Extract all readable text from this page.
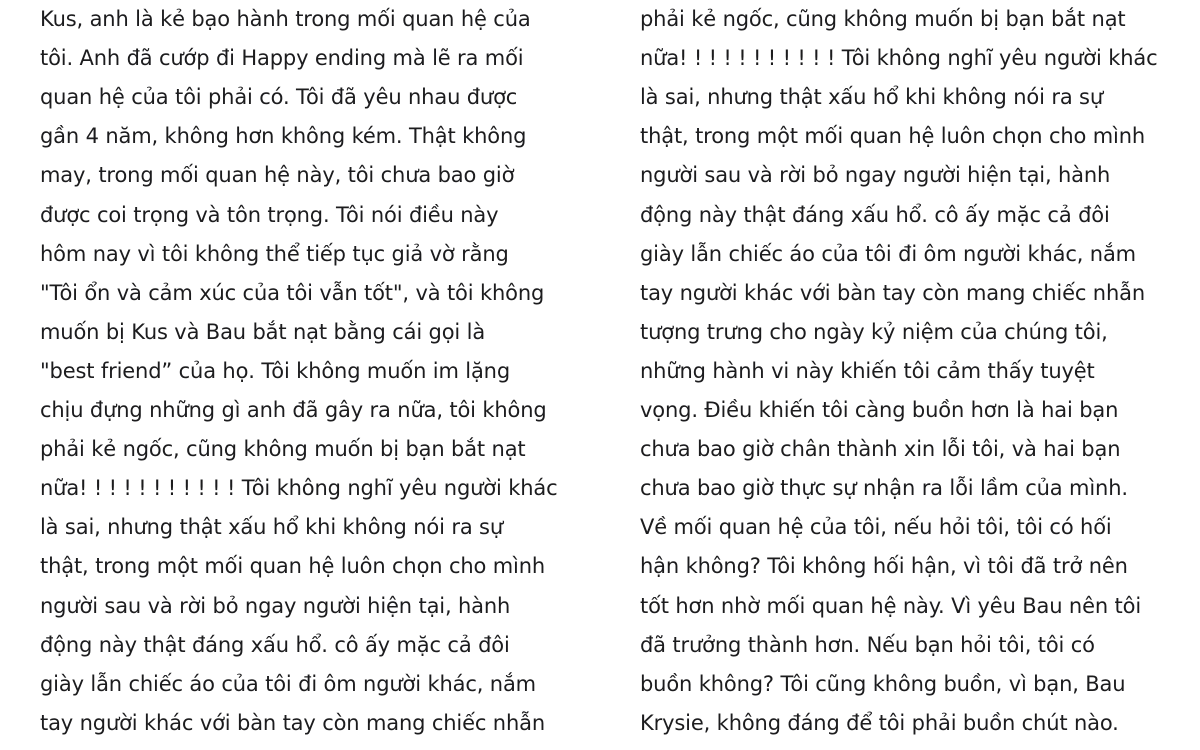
Kus, anh là kẻ bạo hành trong mối quan hệ của
tôi. Anh đã cướp đi Happy ending mà lẽ ra mối
quan hệ của tôi phải có. Tôi đã yêu nhau được
gần 4 năm, không hơn không kém. Thật không
may, trong mối quan hệ này, tôi chưa bao giờ
được coi trọng và tôn trọng. Tôi nói điều này
hôm nay vì tôi không thể tiếp tục giả vờ rằng
"Tôi ổn và cảm xúc của tôi vẫn tốt", và tôi không
muốn bị Kus và Bau bắt nạt bằng cái gọi là
"best friend” của họ. Tôi không muốn im lặng
chịu đựng những gì anh đã gây ra nữa, tôi không
phải kẻ ngốc, cũng không muốn bị bạn bắt nạt
nữa! ! ! ! ! ! ! ! ! ! ! Tôi không nghĩ yêu người khác
là sai, nhưng thật xấu hổ khi không nói ra sự
thật, trong một mối quan hệ luôn chọn cho mình
người sau và rời bỏ ngay người hiện tại, hành
động này thật đáng xấu hổ. cô ấy mặc cả đôi
giày lẫn chiếc áo của tôi đi ôm người khác, nắm
tay người khác với bàn tay còn mang chiếc nhẫn
phải kẻ ngốc, cũng không muốn bị bạn bắt nạt
nữa! ! ! ! ! ! ! ! ! ! ! Tôi không nghĩ yêu người khác
là sai, nhưng thật xấu hổ khi không nói ra sự
thật, trong một mối quan hệ luôn chọn cho mình
người sau và rời bỏ ngay người hiện tại, hành
động này thật đáng xấu hổ. cô ấy mặc cả đôi
giày lẫn chiếc áo của tôi đi ôm người khác, nắm
tay người khác với bàn tay còn mang chiếc nhẫn
tượng trưng cho ngày kỷ niệm của chúng tôi,
những hành vi này khiến tôi cảm thấy tuyệt
vọng. Điều khiến tôi càng buồn hơn là hai bạn
chưa bao giờ chân thành xin lỗi tôi, và hai bạn
chưa bao giờ thực sự nhận ra lỗi lầm của mình.
Về mối quan hệ của tôi, nếu hỏi tôi, tôi có hối
hận không? Tôi không hối hận, vì tôi đã trở nên
tốt hơn nhờ mối quan hệ này. Vì yêu Bau nên tôi
đã trưởng thành hơn. Nếu bạn hỏi tôi, tôi có
buồn không? Tôi cũng không buồn, vì bạn, Bau
Krysie, không đáng để tôi phải buồn chút nào.
